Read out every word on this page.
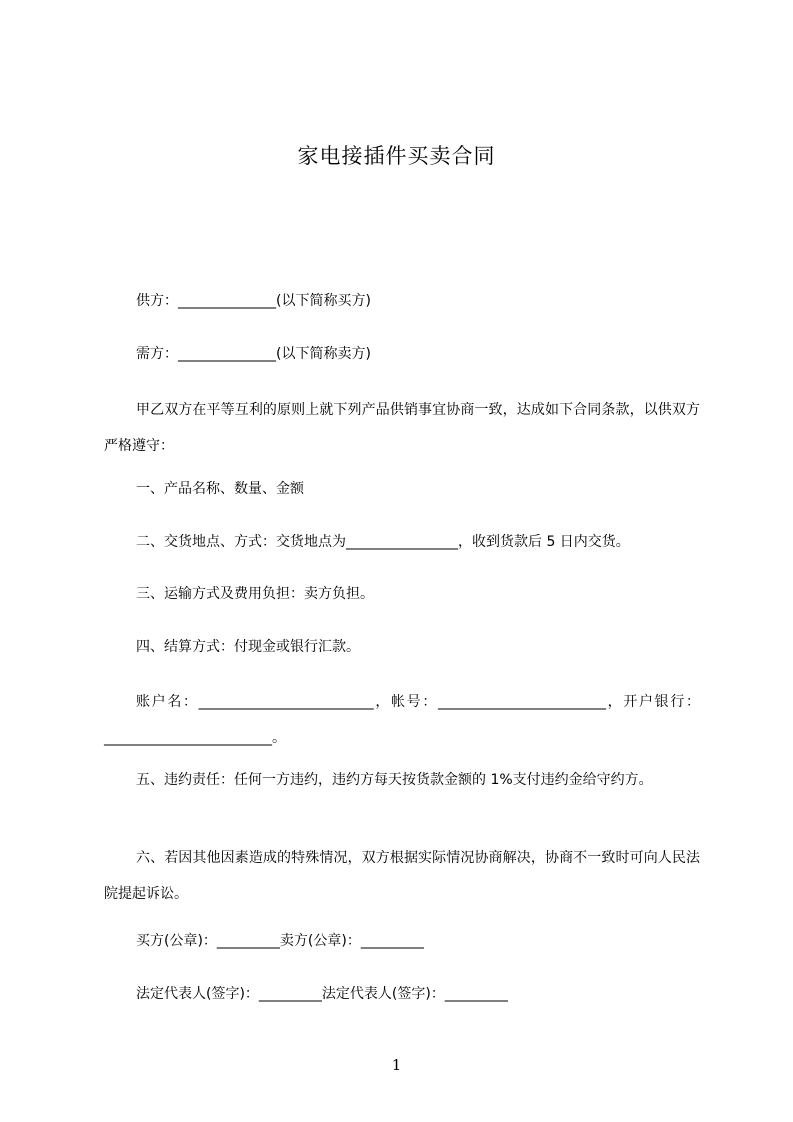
家电接插件买卖合同
供方：______________(以下简称买方)
需方：______________(以下简称卖方)
甲乙双方在平等互利的原则上就下列产品供销事宜协商一致，达成如下合同条款，以供双方严格遵守：
一、产品名称、数量、金额
二、交货地点、方式：交货地点为________________，收到货款后 5 日内交货。
三、运输方式及费用负担：卖方负担。
四、结算方式：付现金或银行汇款。
账户名：_________________________，帐号：________________________，开户银行：________________________。
五、违约责任：任何一方违约，违约方每天按货款金额的 1%支付违约金给守约方。
六、若因其他因素造成的特殊情况，双方根据实际情况协商解决，协商不一致时可向人民法院提起诉讼。
买方(公章)：_________卖方(公章)：_________
法定代表人(签字)：_________法定代表人(签字)：_________
1
